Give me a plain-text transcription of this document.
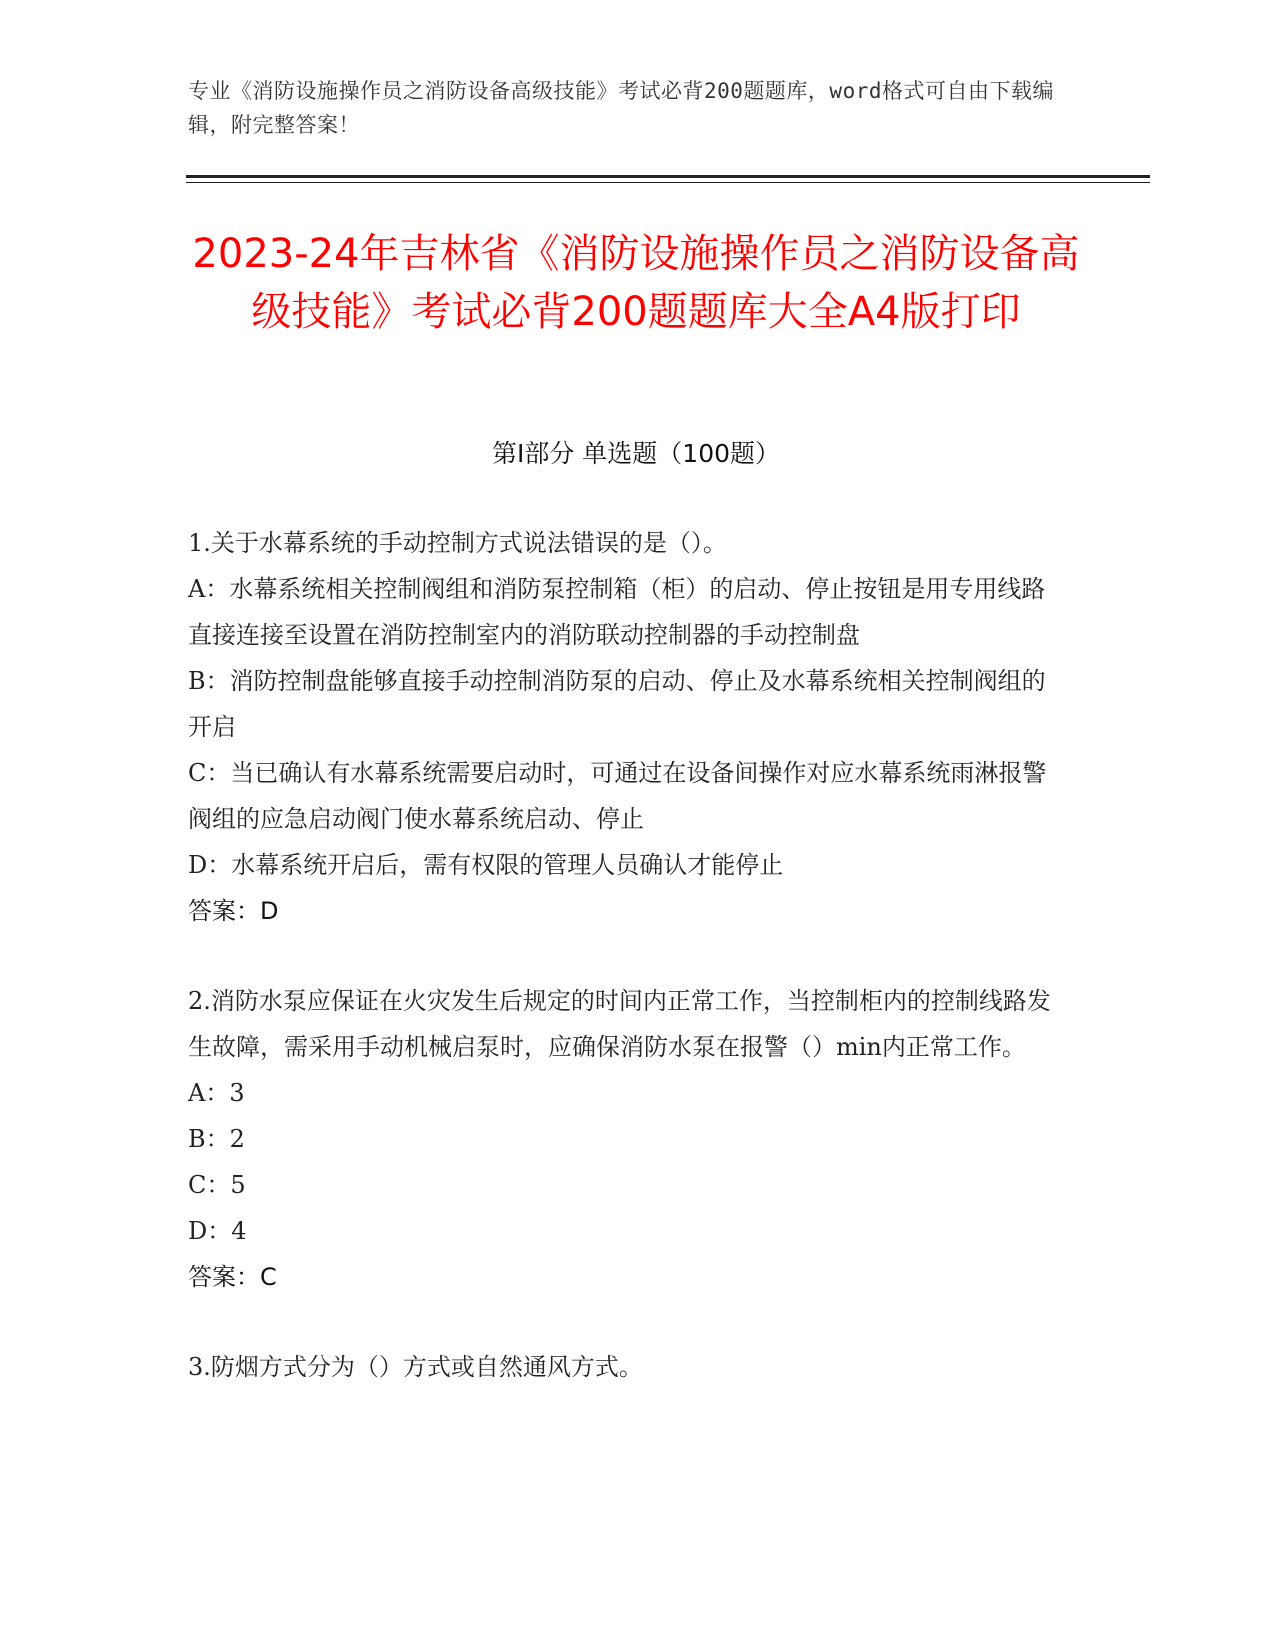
专业《消防设施操作员之消防设备高级技能》考试必背200题题库，word格式可自由下载编辑，附完整答案！
2023-24年吉林省《消防设施操作员之消防设备高级技能》考试必背200题题库大全A4版打印
第I部分 单选题（100题）

1.关于水幕系统的手动控制方式说法错误的是（）。

A：水幕系统相关控制阀组和消防泵控制箱（柜）的启动、停止按钮是用专用线路直接连接至设置在消防控制室内的消防联动控制器的手动控制盘

B：消防控制盘能够直接手动控制消防泵的启动、停止及水幕系统相关控制阀组的开启

C：当已确认有水幕系统需要启动时，可通过在设备间操作对应水幕系统雨淋报警阀组的应急启动阀门使水幕系统启动、停止

D：水幕系统开启后，需有权限的管理人员确认才能停止

答案：D

2.消防水泵应保证在火灾发生后规定的时间内正常工作，当控制柜内的控制线路发生故障，需采用手动机械启泵时，应确保消防水泵在报警（）min内正常工作。

A：3

B：2

C：5

D：4

答案：C

3.防烟方式分为（）方式或自然通风方式。
